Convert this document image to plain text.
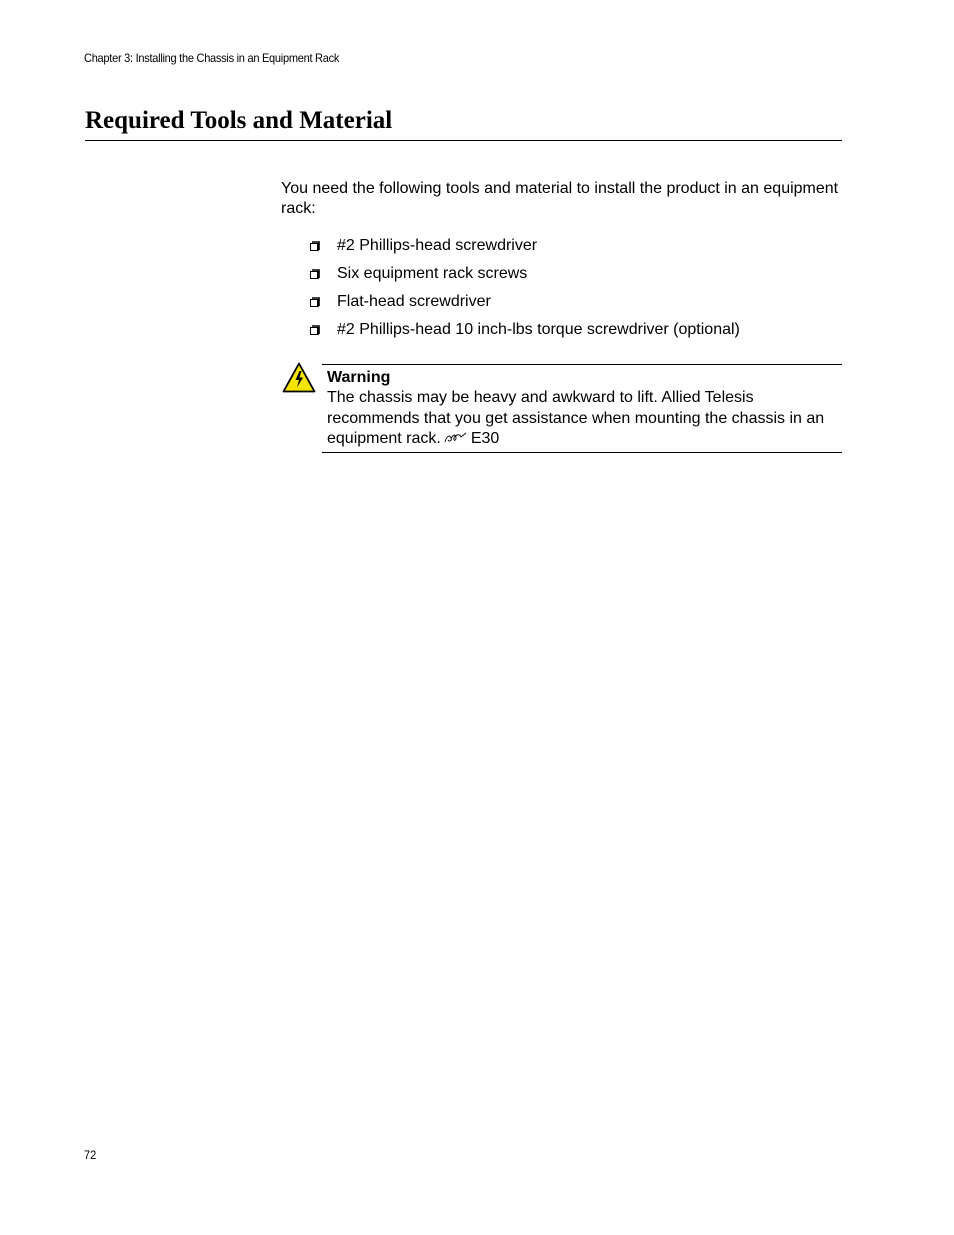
Chapter 3: Installing the Chassis in an Equipment Rack
Required Tools and Material

You need the following tools and material to install the product in an equipment rack:

#2 Phillips-head screwdriver
Six equipment rack screws
Flat-head screwdriver
#2 Phillips-head 10 inch-lbs torque screwdriver (optional)
Warning
The chassis may be heavy and awkward to lift. Allied Telesis recommends that you get assistance when mounting the chassis in an equipment rack. E30
72
